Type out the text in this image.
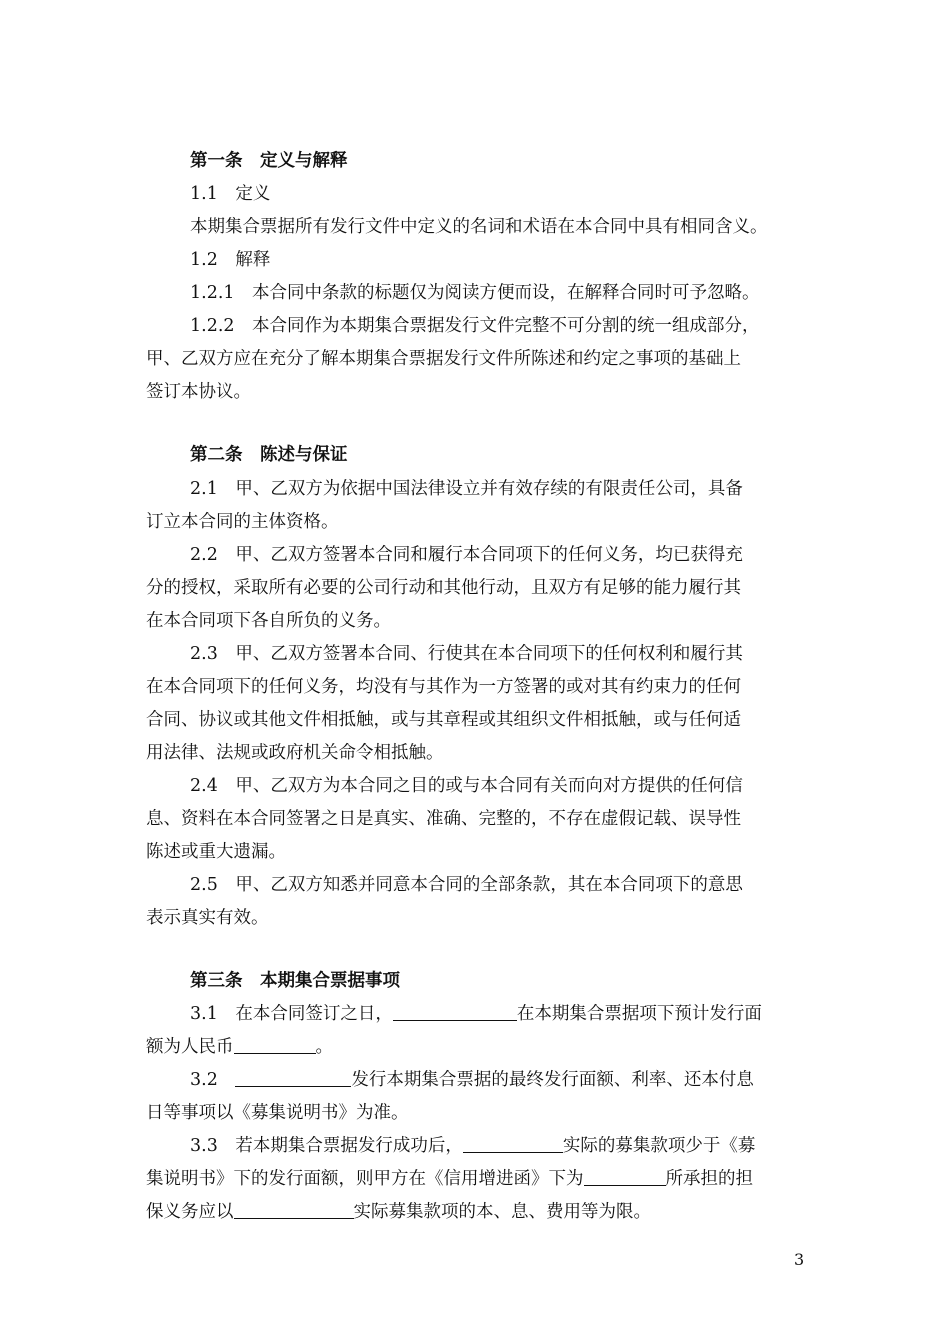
第一条　定义与解释
1.1　定义
本期集合票据所有发行文件中定义的名词和术语在本合同中具有相同含义。
1.2　解释
1.2.1　本合同中条款的标题仅为阅读方便而设，在解释合同时可予忽略。
1.2.2　本合同作为本期集合票据发行文件完整不可分割的统一组成部分，
甲、乙双方应在充分了解本期集合票据发行文件所陈述和约定之事项的基础上
签订本协议。
第二条　陈述与保证
2.1　甲、乙双方为依据中国法律设立并有效存续的有限责任公司，具备
订立本合同的主体资格。
2.2　甲、乙双方签署本合同和履行本合同项下的任何义务，均已获得充
分的授权，采取所有必要的公司行动和其他行动，且双方有足够的能力履行其
在本合同项下各自所负的义务。
2.3　甲、乙双方签署本合同、行使其在本合同项下的任何权利和履行其
在本合同项下的任何义务，均没有与其作为一方签署的或对其有约束力的任何
合同、协议或其他文件相抵触，或与其章程或其组织文件相抵触，或与任何适
用法律、法规或政府机关命令相抵触。
2.4　甲、乙双方为本合同之目的或与本合同有关而向对方提供的任何信
息、资料在本合同签署之日是真实、准确、完整的，不存在虚假记载、误导性
陈述或重大遗漏。
2.5　甲、乙双方知悉并同意本合同的全部条款，其在本合同项下的意思
表示真实有效。
第三条　本期集合票据事项
3.1　在本合同签订之日，	在本期集合票据项下预计发行面
额为人民币	。
3.2　	发行本期集合票据的最终发行面额、利率、还本付息
日等事项以《募集说明书》为准。
3.3　若本期集合票据发行成功后，	实际的募集款项少于《募
集说明书》下的发行面额，则甲方在《信用增进函》下为	所承担的担
保义务应以	实际募集款项的本、息、费用等为限。
3
